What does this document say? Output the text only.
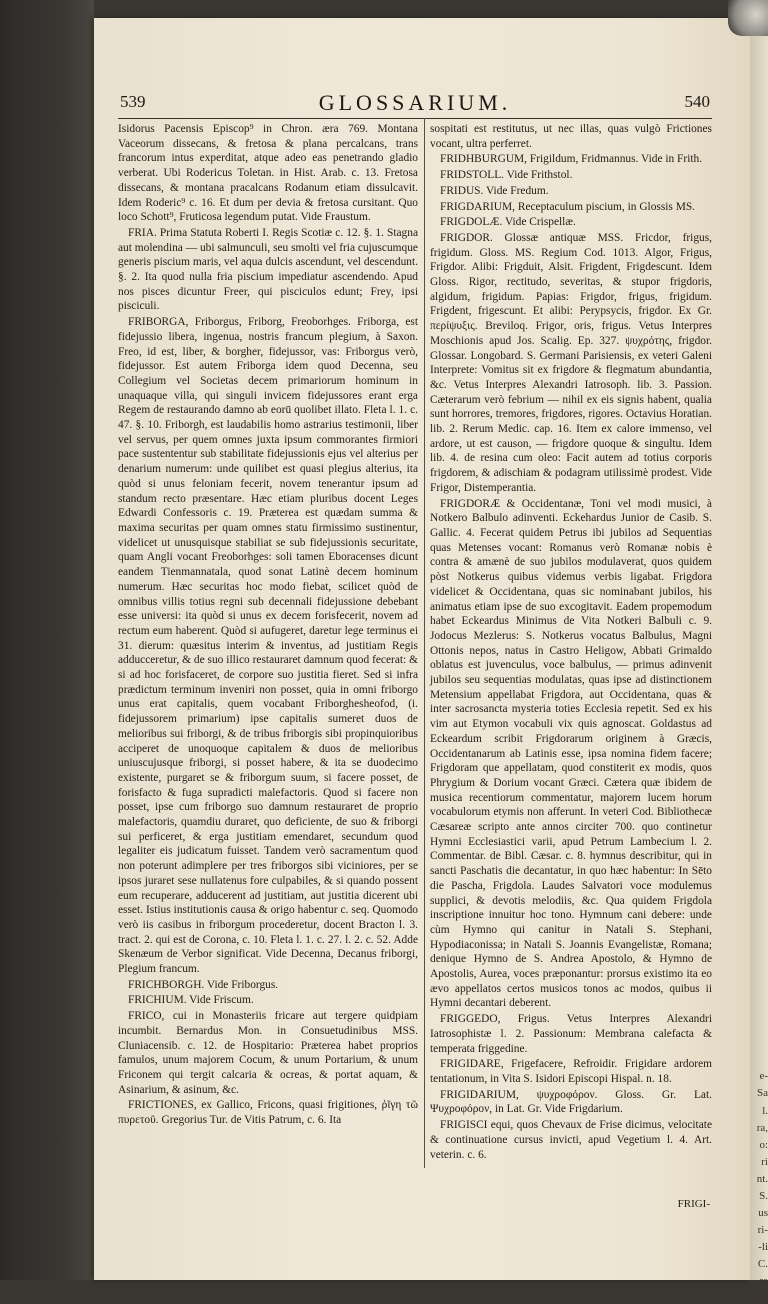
l.
ra,
o:
ri
nt.
S.
us
ri-
-li
C.
ra
bi-
e-
Sa
539	GLOSSARIUM.	540

Isidorus Pacensis Episcop⁹ in Chron. æra 769. Montana Vaceorum dissecans, & fretosa & plana percalcans, trans francorum intus experditat, atque adeo eas penetrando gladio verberat. Ubi Rodericus Toletan. in Hist. Arab. c. 13. Fretosa dissecans, & montana pracalcans Rodanum etiam dissulcavit. Idem Roderic⁹ c. 16. Et dum per devia & fretosa cursitant. Quo loco Schott⁹, Fruticosa legendum putat. Vide Fraustum.

FRIA. Prima Statuta Roberti I. Regis Scotiæ c. 12. §. 1. Stagna aut molendina — ubi salmunculi, seu smolti vel fria cujuscumque generis piscium maris, vel aqua dulcis ascendunt, vel descendunt. §. 2. Ita quod nulla fria piscium impediatur ascendendo. Apud nos pisces dicuntur Freer, qui pisciculos edunt; Frey, ipsi pisciculi.

FRIBORGA, Friborgus, Friborg, Freoborhges. Friborga, est fidejussio libera, ingenua, nostris francum plegium, à Saxon. Freo, id est, liber, & borgher, fidejussor, vas: Friborgus verò, fidejussor. Est autem Friborga idem quod Decenna, seu Collegium vel Societas decem primariorum hominum in unaquaque villa, qui singuli invicem fidejussores erant erga Regem de restaurando damno ab eorū quolibet illato. Fleta l. 1. c. 47. §. 10. Friborgh, est laudabilis homo astrarius testimonii, liber vel servus, per quem omnes juxta ipsum commorantes firmiori pace sustententur sub stabilitate fidejussionis ejus vel alterius per denarium numerum: unde quilibet est quasi plegius alterius, ita quòd si unus feloniam fecerit, novem tenerantur ipsum ad standum recto præsentare. Hæc etiam pluribus docent Leges Edwardi Confessoris c. 19. Præterea est quædam summa & maxima securitas per quam omnes statu firmissimo sustinentur, videlicet ut unusquisque stabiliat se sub fidejussionis securitate, quam Angli vocant Freoborhges: soli tamen Eboracenses dicunt eandem Tienmannatala, quod sonat Latinè decem hominum numerum. Hæc securitas hoc modo fiebat, scilicet quòd de omnibus villis totius regni sub decennali fidejussione debebant esse universi: ita quòd si unus ex decem forisfecerit, novem ad rectum eum haberent. Quòd si aufugeret, daretur lege terminus ei 31. dierum: quæsitus interim & inventus, ad justitiam Regis adducceretur, & de suo illico restauraret damnum quod fecerat: & si ad hoc forisfaceret, de corpore suo justitia fieret. Sed si infra prædictum terminum inveniri non posset, quia in omni friborgo unus erat capitalis, quem vocabant Friborghesheofod, (i. fidejussorem primarium) ipse capitalis sumeret duos de melioribus sui friborgi, & de tribus friborgis sibi propinquioribus acciperet de unoquoque capitalem & duos de melioribus uniuscujusque friborgi, si posset habere, & ita se duodecimo existente, purgaret se & friborgum suum, si facere posset, de forisfacto & fuga supradicti malefactoris. Quod si facere non posset, ipse cum friborgo suo damnum restauraret de proprio malefactoris, quamdiu duraret, quo deficiente, de suo & friborgi sui perficeret, & erga justitiam emendaret, secundum quod legaliter eis judicatum fuisset. Tandem verò sacramentum quod non poterunt adimplere per tres friborgos sibi viciniores, per se ipsos juraret sese nullatenus fore culpabiles, & si quando possent eum recuperare, adducerent ad justitiam, aut justitia dicerent ubi esset. Istius institutionis causa & origo habentur c. seq. Quomodo verò iis casibus in friborgum procederetur, docent Bracton l. 3. tract. 2. qui est de Corona, c. 10. Fleta l. 1. c. 27. l. 2. c. 52. Adde Skenæum de Verbor significat. Vide Decenna, Decanus friborgi, Plegium francum.

FRICHBORGH. Vide Friborgus.

FRICHIUM. Vide Friscum.

FRICO, cui in Monasteriis fricare aut tergere quidpiam incumbit. Bernardus Mon. in Consuetudinibus MSS. Cluniacensib. c. 12. de Hospitario: Præterea habet proprios famulos, unum majorem Cocum, & unum Portarium, & unum Friconem qui tergit calcaria & ocreas, & portat aquam, & Asinarium, & asinum, &c.

FRICTIONES, ex Gallico, Fricons, quasi frigitiones, ῥῖγη τῶ πυρετοῦ. Gregorius Tur. de Vitis Patrum, c. 6. Ita

sospitati est restitutus, ut nec illas, quas vulgò Frictiones vocant, ultra perferret.

FRIDHBURGUM, Frigildum, Fridmannus. Vide in Frith.

FRIDSTOLL. Vide Frithstol.

FRIDUS. Vide Fredum.

FRIGDARIUM, Receptaculum piscium, in Glossis MS.

FRIGDOLÆ. Vide Crispellæ.

FRIGDOR. Glossæ antiquæ MSS. Fricdor, frigus, frigidum. Gloss. MS. Regium Cod. 1013. Algor, Frigus, Frigdor. Alibi: Frigduit, Alsit. Frigdent, Frigdescunt. Idem Gloss. Rigor, rectitudo, severitas, & stupor frigdoris, algidum, frigidum. Papias: Frigdor, frigus, frigidum. Frigdent, frigescunt. Et alibi: Perypsycis, frigdor. Ex Gr. περίψυξις. Breviloq. Frigor, oris, frigus. Vetus Interpres Moschionis apud Jos. Scalig. Ep. 327. ψυχρότης, frigdor. Glossar. Longobard. S. Germani Parisiensis, ex veteri Galeni Interprete: Vomitus sit ex frigdore & flegmatum abundantia, &c. Vetus Interpres Alexandri Iatrosoph. lib. 3. Passion. Cæterarum verò febrium — nihil ex eis signis habent, qualia sunt horrores, tremores, frigdores, rigores. Octavius Horatian. lib. 2. Rerum Medic. cap. 16. Item ex calore immenso, vel ardore, ut est causon, — frigdore quoque & singultu. Idem lib. 4. de resina cum oleo: Facit autem ad totius corporis frigdorem, & adischiam & podagram utilissimè prodest. Vide Frigor, Distemperantia.

FRIGDORÆ & Occidentanæ, Toni vel modi musici, à Notkero Balbulo adinventi. Eckehardus Junior de Casib. S. Gallic. 4. Fecerat quidem Petrus ibi jubilos ad Sequentias quas Metenses vocant: Romanus verò Romanæ nobis è contra & amænè de suo jubilos modulaverat, quos quidem pòst Notkerus quibus videmus verbis ligabat. Frigdora videlicet & Occidentana, quas sic nominabant jubilos, his animatus etiam ipse de suo excogitavit. Eadem propemodum habet Eckeardus Minimus de Vita Notkeri Balbuli c. 9. Jodocus Mezlerus: S. Notkerus vocatus Balbulus, Magni Ottonis nepos, natus in Castro Heligow, Abbati Grimaldo oblatus est juvenculus, voce balbulus, — primus adinvenit jubilos seu sequentias modulatas, quas ipse ad distinctionem Metensium appellabat Frigdora, aut Occidentana, quas & inter sacrosancta mysteria toties Ecclesia repetit. Sed ex his vim aut Etymon vocabuli vix quis agnoscat. Goldastus ad Eckeardum scribit Frigdorarum originem à Græcis, Occidentanarum ab Latinis esse, ipsa nomina fidem facere; Frigdoram que appellatam, quod constiterit ex modis, quos Phrygium & Dorium vocant Græci. Cætera quæ ibidem de musica recentiorum commentatur, majorem lucem horum vocabulorum etymis non afferunt. In veteri Cod. Bibliothecæ Cæsareæ scripto ante annos circiter 700. quo continetur Hymni Ecclesiastici varii, apud Petrum Lambecium l. 2. Commentar. de Bibl. Cæsar. c. 8. hymnus describitur, qui in sancti Paschatis die decantatur, in quo hæc habentur: In Sēto die Pascha, Frigdola. Laudes Salvatori voce modulemus supplici, & devotis melodiis, &c. Qua quidem Frigdola inscriptione innuitur hoc tono. Hymnum cani debere: unde cùm Hymno qui canitur in Natali S. Stephani, Hypodiaconissa; in Natali S. Joannis Evangelistæ, Romana; denique Hymno de S. Andrea Apostolo, & Hymno de Apostolis, Aurea, voces præponantur: prorsus existimo ita eo ævo appellatos certos musicos tonos ac modos, quibus ii Hymni decantari deberent.

FRIGGEDO, Frigus. Vetus Interpres Alexandri Iatrosophistæ l. 2. Passionum: Membrana calefacta & temperata friggedine.

FRIGIDARE, Frigefacere, Refroidir. Frigidare ardorem tentationum, in Vita S. Isidori Episcopi Hispal. n. 18.

FRIGIDARIUM, ψυχροφόρον. Gloss. Gr. Lat. Ψυχροφόρον, in Lat. Gr. Vide Frigdarium.

FRIGISCI equi, quos Chevaux de Frise dicimus, velocitate & continuatione cursus invicti, apud Vegetium l. 4. Art. veterin. c. 6.

FRIGI-
